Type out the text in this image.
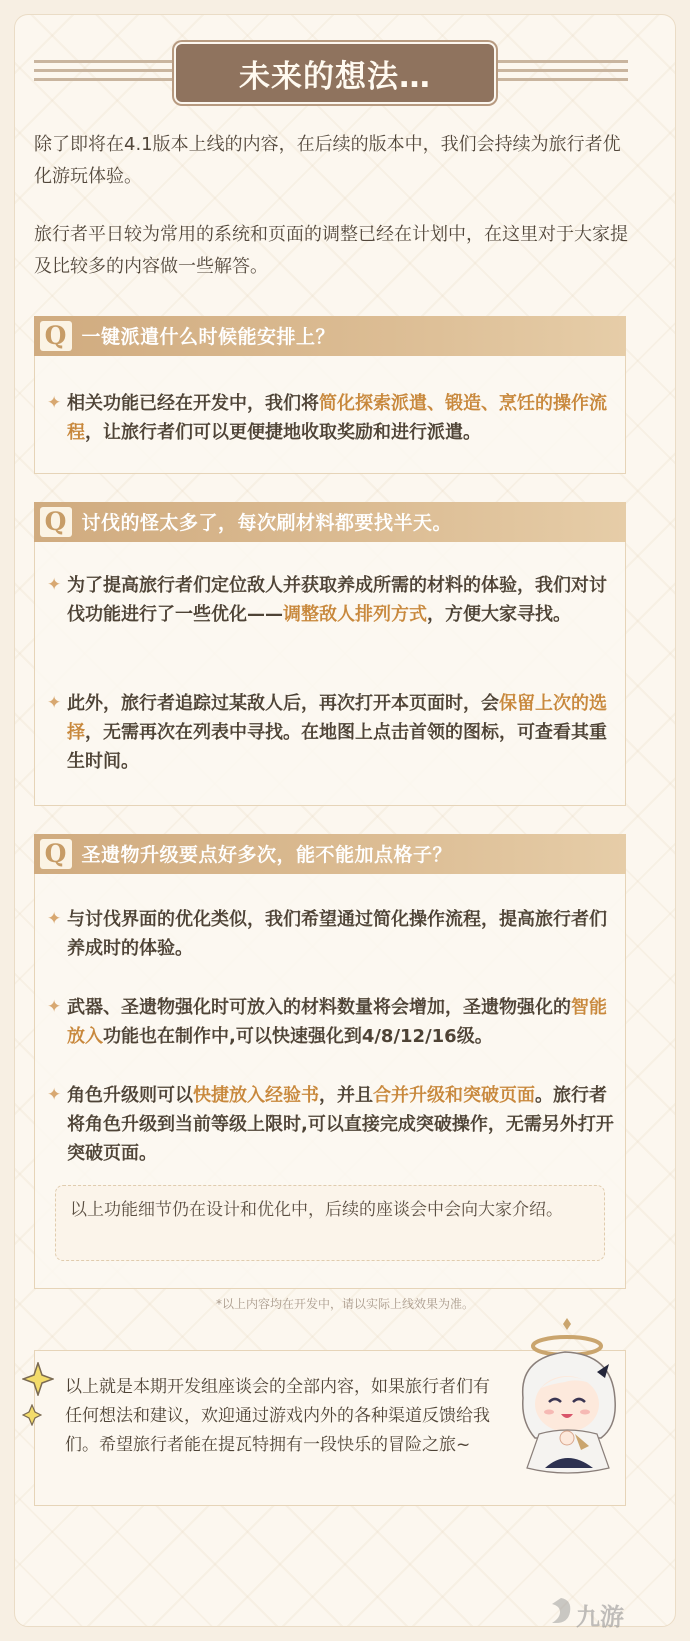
未来的想法…

除了即将在4.1版本上线的内容，在后续的版本中，我们会持续为旅行者优化游玩体验。

旅行者平日较为常用的系统和页面的调整已经在计划中，在这里对于大家提及比较多的内容做一些解答。

Q 一键派遣什么时候能安排上？
✦ 相关功能已经在开发中，我们将简化探索派遣、锻造、烹饪的操作流程，让旅行者们可以更便捷地收取奖励和进行派遣。
Q 讨伐的怪太多了，每次刷材料都要找半天。
✦ 为了提高旅行者们定位敌人并获取养成所需的材料的体验，我们对讨伐功能进行了一些优化——调整敌人排列方式，方便大家寻找。
✦ 此外，旅行者追踪过某敌人后，再次打开本页面时，会保留上次的选择，无需再次在列表中寻找。在地图上点击首领的图标，可查看其重生时间。
Q 圣遗物升级要点好多次，能不能加点格子？
✦ 与讨伐界面的优化类似，我们希望通过简化操作流程，提高旅行者们养成时的体验。
✦ 武器、圣遗物强化时可放入的材料数量将会增加，圣遗物强化的智能放入功能也在制作中,可以快速强化到4/8/12/16级。
✦ 角色升级则可以快捷放入经验书，并且合并升级和突破页面。旅行者将角色升级到当前等级上限时,可以直接完成突破操作，无需另外打开突破页面。
以上功能细节仍在设计和优化中，后续的座谈会中会向大家介绍。
*以上内容均在开发中，请以实际上线效果为准。

以上就是本期开发组座谈会的全部内容，如果旅行者们有任何想法和建议，欢迎通过游戏内外的各种渠道反馈给我们。希望旅行者能在提瓦特拥有一段快乐的冒险之旅~

九游
